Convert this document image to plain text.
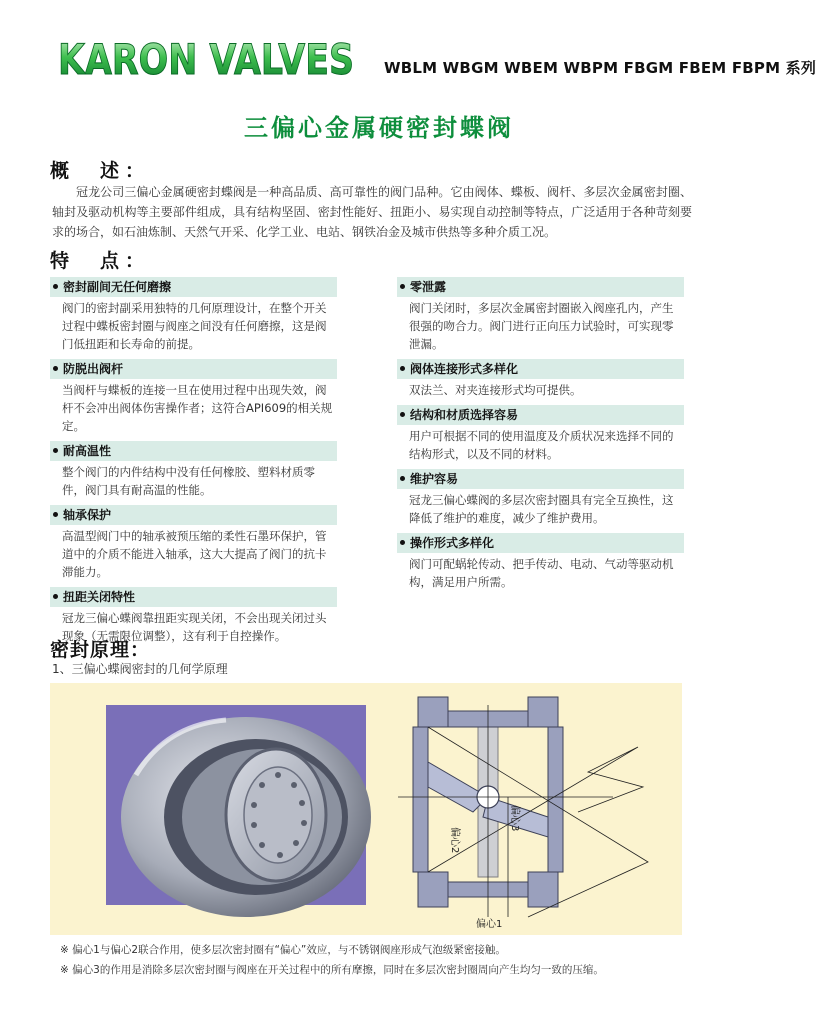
KARON VALVES WBLM WBGM WBEM WBPM FBGM FBEM FBPM 系列
三偏心金属硬密封蝶阀
概　述：
冠龙公司三偏心金属硬密封蝶阀是一种高品质、高可靠性的阀门品种。它由阀体、蝶板、阀杆、多层次金属密封圈、轴封及驱动机构等主要部件组成，具有结构坚固、密封性能好、扭距小、易实现自动控制等特点，广泛适用于各种苛刻要求的场合，如石油炼制、天然气开采、化学工业、电站、钢铁冶金及城市供热等多种介质工况。
特　点：
密封副间无任何磨擦
阀门的密封副采用独特的几何原理设计，在整个开关过程中蝶板密封圈与阀座之间没有任何磨擦，这是阀门低扭距和长寿命的前提。
防脱出阀杆
当阀杆与蝶板的连接一旦在使用过程中出现失效，阀杆不会冲出阀体伤害操作者；这符合API609的相关规定。
耐高温性
整个阀门的内件结构中没有任何橡胶、塑料材质零件，阀门具有耐高温的性能。
轴承保护
高温型阀门中的轴承被预压缩的柔性石墨环保护，管道中的介质不能进入轴承，这大大提高了阀门的抗卡滞能力。
扭距关闭特性
冠龙三偏心蝶阀靠扭距实现关闭，不会出现关闭过头现象（无需限位调整），这有利于自控操作。
零泄露
阀门关闭时，多层次金属密封圈嵌入阀座孔内，产生很强的吻合力。阀门进行正向压力试验时，可实现零泄漏。
阀体连接形式多样化
双法兰、对夹连接形式均可提供。
结构和材质选择容易
用户可根据不同的使用温度及介质状况来选择不同的结构形式，以及不同的材料。
维护容易
冠龙三偏心蝶阀的多层次密封圈具有完全互换性，这降低了维护的难度，减少了维护费用。
操作形式多样化
阀门可配蜗轮传动、把手传动、电动、气动等驱动机构，满足用户所需。
密封原理：
1、三偏心蝶阀密封的几何学原理
偏心2
偏心3
偏心1
※ 偏心1与偏心2联合作用，使多层次密封圈有“偏心”效应，与不锈钢阀座形成气泡级紧密接触。
※ 偏心3的作用是消除多层次密封圈与阀座在开关过程中的所有摩擦，同时在多层次密封圈周向产生均匀一致的压缩。
